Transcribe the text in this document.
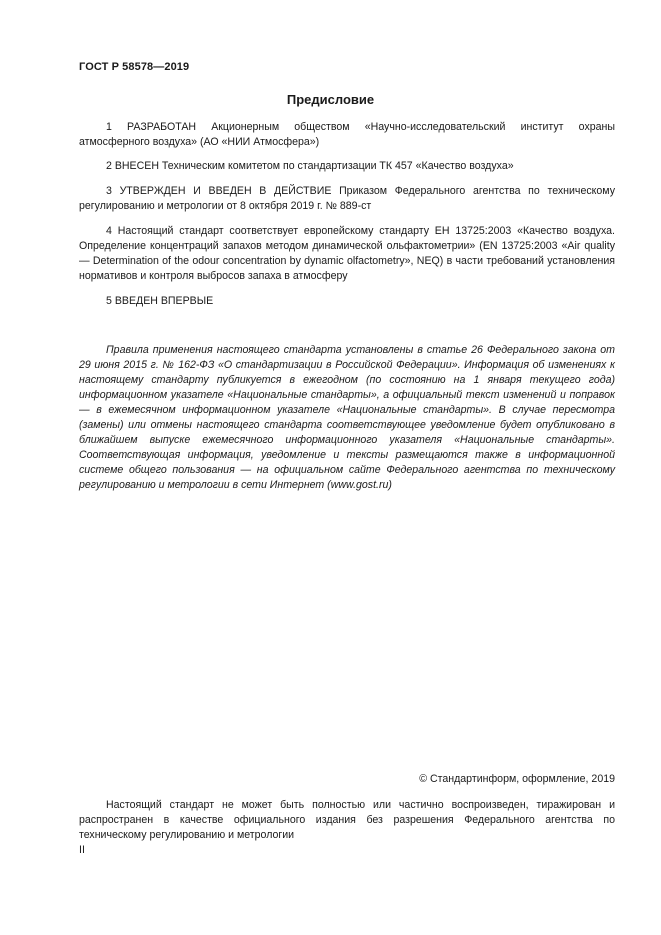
ГОСТ Р 58578—2019
Предисловие

1 РАЗРАБОТАН Акционерным обществом «Научно-исследовательский институт охраны атмосферного воздуха» (АО «НИИ Атмосфера»)

2 ВНЕСЕН Техническим комитетом по стандартизации ТК 457 «Качество воздуха»

3 УТВЕРЖДЕН И ВВЕДЕН В ДЕЙСТВИЕ Приказом Федерального агентства по техническому регулированию и метрологии от 8 октября 2019 г. № 889-ст

4 Настоящий стандарт соответствует европейскому стандарту ЕН 13725:2003 «Качество воздуха. Определение концентраций запахов методом динамической ольфактометрии» (EN 13725:2003 «Air quality — Determination of the odour concentration by dynamic olfactometry», NEQ) в части требований установления нормативов и контроля выбросов запаха в атмосферу

5 ВВЕДЕН ВПЕРВЫЕ

Правила применения настоящего стандарта установлены в статье 26 Федерального закона от 29 июня 2015 г. № 162-ФЗ «О стандартизации в Российской Федерации». Информация об изменениях к настоящему стандарту публикуется в ежегодном (по состоянию на 1 января текущего года) информационном указателе «Национальные стандарты», а официальный текст изменений и поправок — в ежемесячном информационном указателе «Национальные стандарты». В случае пересмотра (замены) или отмены настоящего стандарта соответствующее уведомление будет опубликовано в ближайшем выпуске ежемесячного информационного указателя «Национальные стандарты». Соответствующая информация, уведомление и тексты размещаются также в информационной системе общего пользования — на официальном сайте Федерального агентства по техническому регулированию и метрологии в сети Интернет (www.gost.ru)

© Стандартинформ, оформление, 2019

Настоящий стандарт не может быть полностью или частично воспроизведен, тиражирован и распространен в качестве официального издания без разрешения Федерального агентства по техническому регулированию и метрологии

II
